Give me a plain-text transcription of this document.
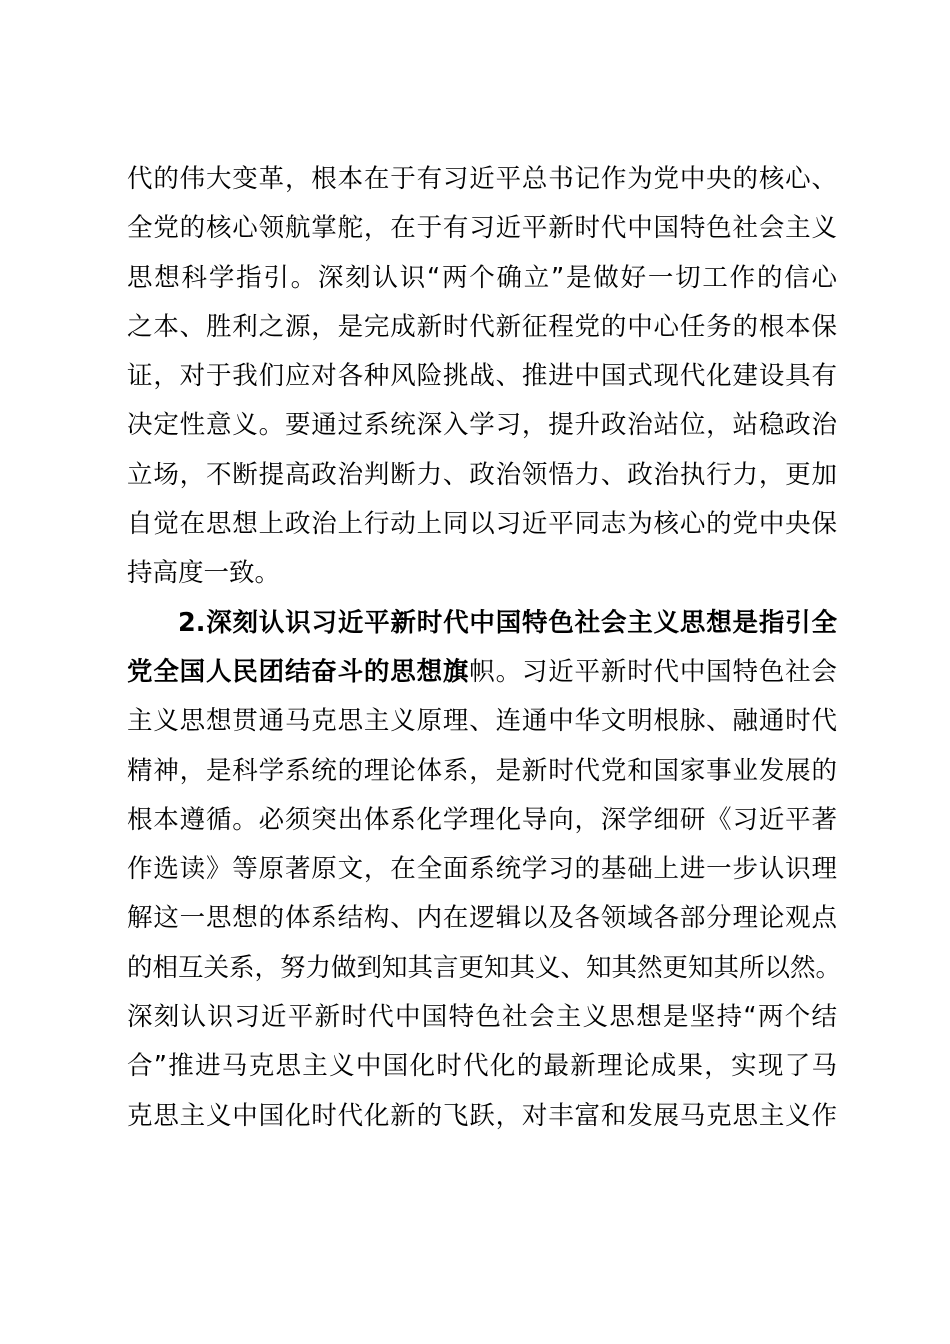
代的伟大变革，根本在于有习近平总书记作为党中央的核心、
全党的核心领航掌舵，在于有习近平新时代中国特色社会主义
思想科学指引。深刻认识“两个确立”是做好一切工作的信心
之本、胜利之源，是完成新时代新征程党的中心任务的根本保
证，对于我们应对各种风险挑战、推进中国式现代化建设具有
决定性意义。要通过系统深入学习，提升政治站位，站稳政治
立场，不断提高政治判断力、政治领悟力、政治执行力，更加
自觉在思想上政治上行动上同以习近平同志为核心的党中央保
持高度一致。
2.深刻认识习近平新时代中国特色社会主义思想是指引全
党全国人民团结奋斗的思想旗帜。习近平新时代中国特色社会
主义思想贯通马克思主义原理、连通中华文明根脉、融通时代
精神，是科学系统的理论体系，是新时代党和国家事业发展的
根本遵循。必须突出体系化学理化导向，深学细研《习近平著
作选读》等原著原文，在全面系统学习的基础上进一步认识理
解这一思想的体系结构、内在逻辑以及各领域各部分理论观点
的相互关系，努力做到知其言更知其义、知其然更知其所以然。
深刻认识习近平新时代中国特色社会主义思想是坚持“两个结
合”推进马克思主义中国化时代化的最新理论成果，实现了马
克思主义中国化时代化新的飞跃，对丰富和发展马克思主义作
